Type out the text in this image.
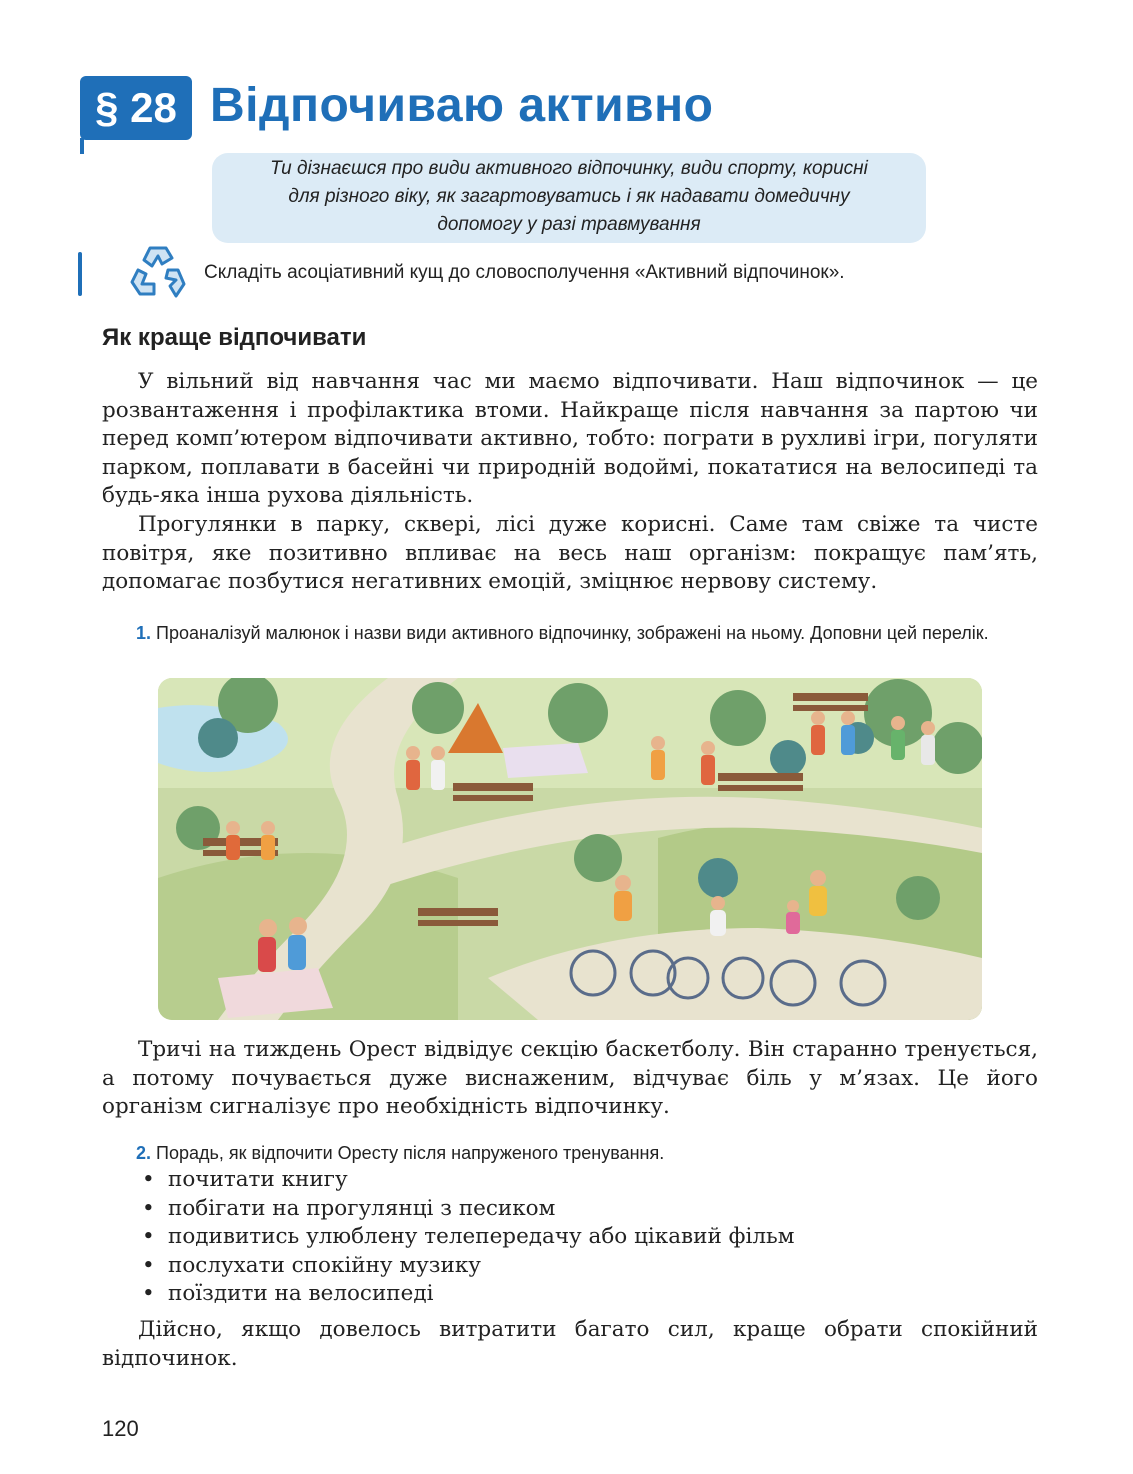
§ 28 Відпочиваю активно
Ти дізнаєшся про види активного відпочинку, види спорту, корисні
для різного віку, як загартовуватись і як надавати домедичну
допомогу у разі травмування
Складіть асоціативний кущ до словосполучення «Активний відпочинок».
Як краще відпочивати

У вільний від навчання час ми маємо відпочивати. Наш відпочинок — це розвантаження і профілактика втоми. Найкраще після навчання за партою чи перед комп’ютером відпочивати активно, тобто: пограти в рухливі ігри, погуляти парком, поплавати в басейні чи природній водоймі, покататися на велосипеді та будь-яка інша рухова діяльність.

Прогулянки в парку, сквері, лісі дуже корисні. Саме там свіже та чисте повітря, яке позитивно впливає на весь наш організм: покращує пам’ять, допомагає позбутися негативних емоцій, зміцнює нервову систему.

1. Проаналізуй малюнок і назви види активного відпочинку, зображені на ньому. Доповни цей перелік.

Тричі на тиждень Орест відвідує секцію баскетболу. Він старанно тренується, а потому почувається дуже виснаженим, відчуває біль у м’язах. Це його організм сигналізує про необхідність відпочинку.

2. Порадь, як відпочити Оресту після напруженого тренування.
• почитати книгу
• побігати на прогулянці з песиком
• подивитись улюблену телепередачу або цікавий фільм
• послухати спокійну музику
• поїздити на велосипеді

Дійсно, якщо довелось витратити багато сил, краще обрати спокійний відпочинок.

120
